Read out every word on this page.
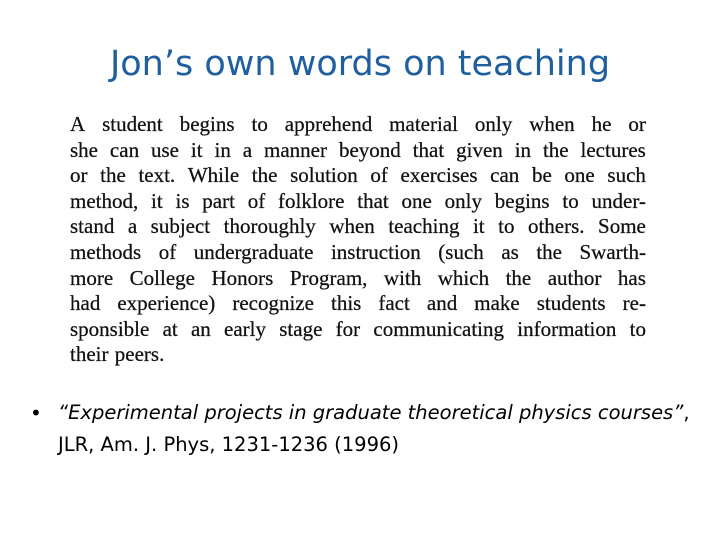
Jon’s own words on teaching
A student begins to apprehend material only when he or
she can use it in a manner beyond that given in the lectures
or the text. While the solution of exercises can be one such
method, it is part of folklore that one only begins to under-
stand a subject thoroughly when teaching it to others. Some
methods of undergraduate instruction (such as the Swarth-
more College Honors Program, with which the author has
had experience) recognize this fact and make students re-
sponsible at an early stage for communicating information to
their peers.
• “Experimental projects in graduate theoretical physics courses”, JLR, Am. J. Phys, 1231-1236 (1996)
